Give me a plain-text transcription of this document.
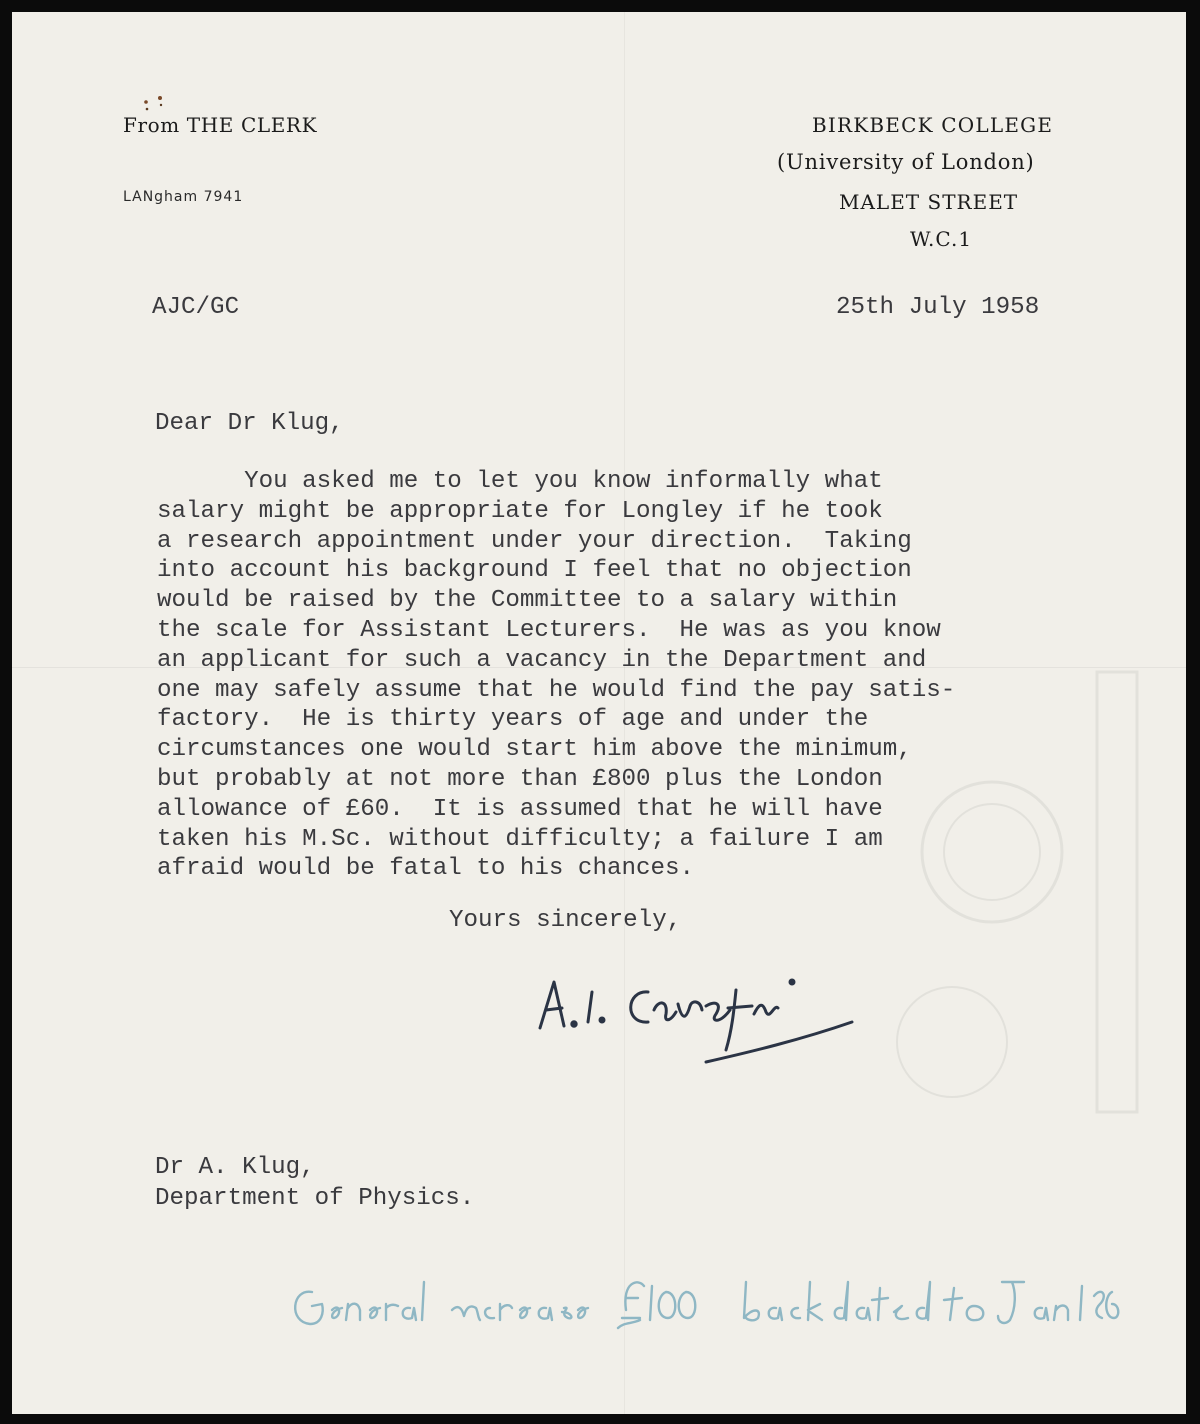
From THE CLERK

LANgham 7941

BIRKBECK COLLEGE

(University of London)

MALET STREET

W.C.1

AJC/GC	25th July 1958

Dear Dr Klug,

You asked me to let you know informally what
salary might be appropriate for Longley if he took
a research appointment under your direction.  Taking
into account his background I feel that no objection
would be raised by the Committee to a salary within
the scale for Assistant Lecturers.  He was as you know
an applicant for such a vacancy in the Department and
one may safely assume that he would find the pay satis-
factory.  He is thirty years of age and under the
circumstances one would start him above the minimum,
but probably at not more than £800 plus the London
allowance of £60.  It is assumed that he will have
taken his M.Sc. without difficulty; a failure I am
afraid would be fatal to his chances.

Yours sincerely,

Dr A. Klug,
Department of Physics.
